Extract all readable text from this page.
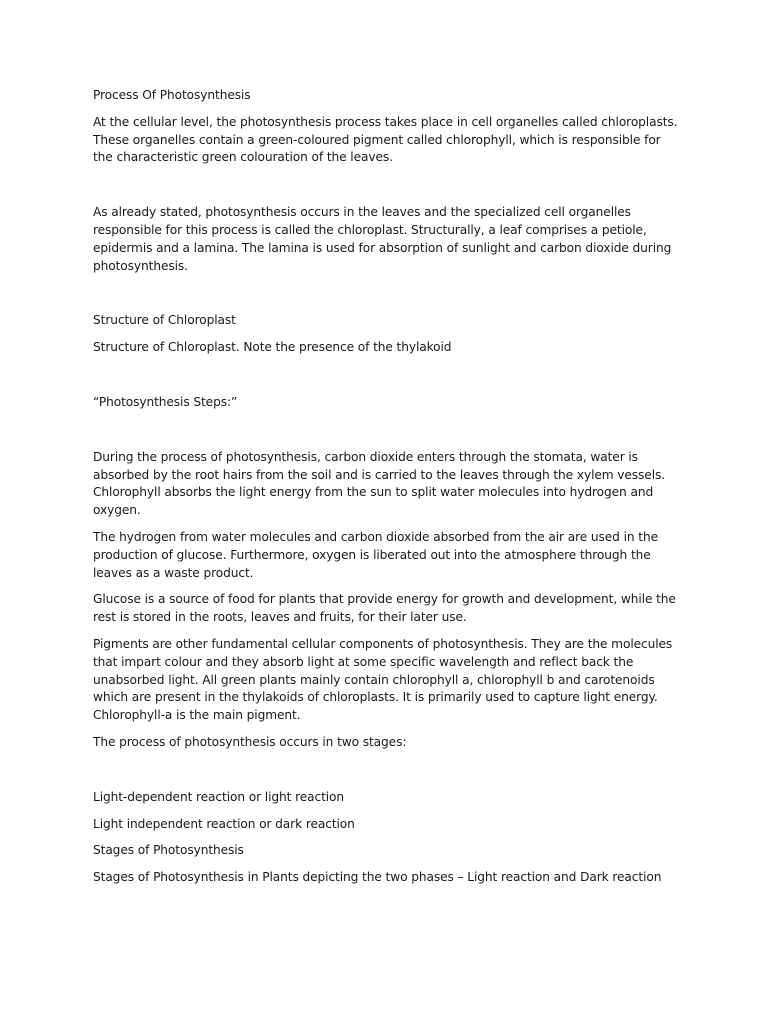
Process Of Photosynthesis

At the cellular level, the photosynthesis process takes place in cell organelles called chloroplasts. These organelles contain a green-coloured pigment called chlorophyll, which is responsible for the characteristic green colouration of the leaves.

As already stated, photosynthesis occurs in the leaves and the specialized cell organelles responsible for this process is called the chloroplast. Structurally, a leaf comprises a petiole, epidermis and a lamina. The lamina is used for absorption of sunlight and carbon dioxide during photosynthesis.

Structure of Chloroplast

Structure of Chloroplast. Note the presence of the thylakoid

“Photosynthesis Steps:”

During the process of photosynthesis, carbon dioxide enters through the stomata, water is absorbed by the root hairs from the soil and is carried to the leaves through the xylem vessels. Chlorophyll absorbs the light energy from the sun to split water molecules into hydrogen and oxygen.

The hydrogen from water molecules and carbon dioxide absorbed from the air are used in the production of glucose. Furthermore, oxygen is liberated out into the atmosphere through the leaves as a waste product.

Glucose is a source of food for plants that provide energy for growth and development, while the rest is stored in the roots, leaves and fruits, for their later use.

Pigments are other fundamental cellular components of photosynthesis. They are the molecules that impart colour and they absorb light at some specific wavelength and reflect back the unabsorbed light. All green plants mainly contain chlorophyll a, chlorophyll b and carotenoids which are present in the thylakoids of chloroplasts. It is primarily used to capture light energy. Chlorophyll-a is the main pigment.

The process of photosynthesis occurs in two stages:

Light-dependent reaction or light reaction

Light independent reaction or dark reaction

Stages of Photosynthesis

Stages of Photosynthesis in Plants depicting the two phases – Light reaction and Dark reaction
